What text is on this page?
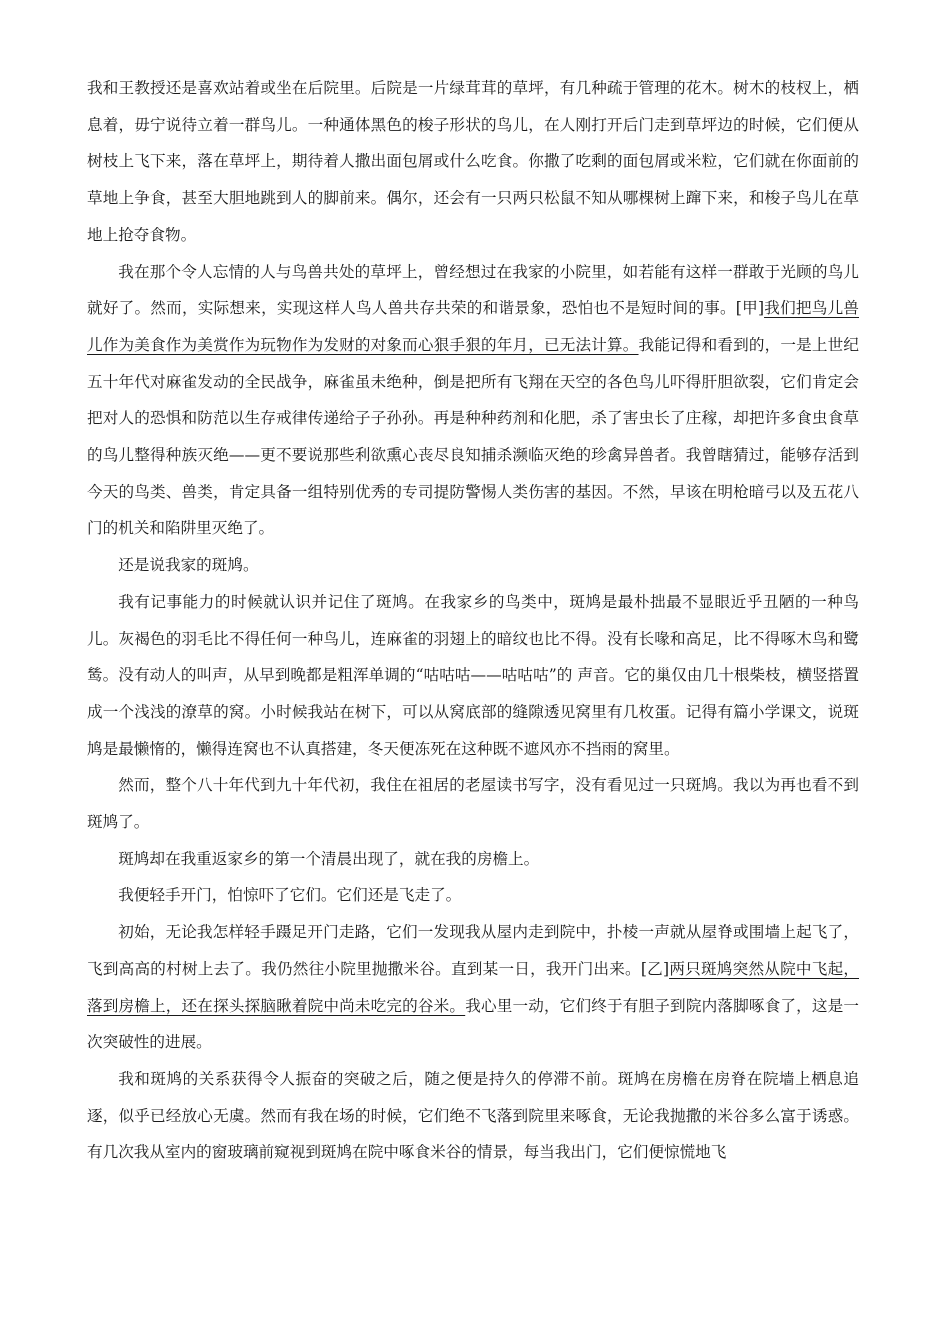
我和王教授还是喜欢站着或坐在后院里。后院是一片绿茸茸的草坪，有几种疏于管理的花木。树木的枝杈上，栖息着，毋宁说待立着一群鸟儿。一种通体黑色的梭子形状的鸟儿，在人刚打开后门走到草坪边的时候，它们便从树枝上飞下来，落在草坪上，期待着人撒出面包屑或什么吃食。你撒了吃剩的面包屑或米粒，它们就在你面前的草地上争食，甚至大胆地跳到人的脚前来。偶尔，还会有一只两只松鼠不知从哪棵树上蹿下来，和梭子鸟儿在草地上抢夺食物。

我在那个令人忘情的人与鸟兽共处的草坪上，曾经想过在我家的小院里，如若能有这样一群敢于光顾的鸟儿就好了。然而，实际想来，实现这样人鸟人兽共存共荣的和谐景象，恐怕也不是短时间的事。[甲]我们把鸟儿兽儿作为美食作为美赏作为玩物作为发财的对象而心狠手狠的年月，已无法计算。我能记得和看到的，一是上世纪五十年代对麻雀发动的全民战争，麻雀虽未绝种，倒是把所有飞翔在天空的各色鸟儿吓得肝胆欲裂，它们肯定会把对人的恐惧和防范以生存戒律传递给子子孙孙。再是种种药剂和化肥，杀了害虫长了庄稼，却把许多食虫食草的鸟儿整得种族灭绝——更不要说那些利欲熏心丧尽良知捕杀濒临灭绝的珍禽异兽者。我曾瞎猜过，能够存活到今天的鸟类、兽类，肯定具备一组特别优秀的专司提防警惕人类伤害的基因。不然，早该在明枪暗弓以及五花八门的机关和陷阱里灭绝了。

还是说我家的斑鸠。

我有记事能力的时候就认识并记住了斑鸠。在我家乡的鸟类中，斑鸠是最朴拙最不显眼近乎丑陋的一种鸟儿。灰褐色的羽毛比不得任何一种鸟儿，连麻雀的羽翅上的暗纹也比不得。没有长喙和高足，比不得啄木鸟和鹭鸶。没有动人的叫声，从早到晚都是粗浑单调的“咕咕咕——咕咕咕”的 声音。它的巢仅由几十根柴枝，横竖搭置成一个浅浅的潦草的窝。小时候我站在树下，可以从窝底部的缝隙透见窝里有几枚蛋。记得有篇小学课文，说斑鸠是最懒惰的，懒得连窝也不认真搭建，冬天便冻死在这种既不遮风亦不挡雨的窝里。

然而，整个八十年代到九十年代初，我住在祖居的老屋读书写字，没有看见过一只斑鸠。我以为再也看不到斑鸠了。

斑鸠却在我重返家乡的第一个清晨出现了，就在我的房檐上。

我便轻手开门，怕惊吓了它们。它们还是飞走了。

初始，无论我怎样轻手蹑足开门走路，它们一发现我从屋内走到院中，扑棱一声就从屋脊或围墙上起飞了，飞到高高的村树上去了。我仍然往小院里抛撒米谷。直到某一日，我开门出来。[乙]两只斑鸠突然从院中飞起，落到房檐上，还在探头探脑瞅着院中尚未吃完的谷米。我心里一动，它们终于有胆子到院内落脚啄食了，这是一次突破性的进展。

我和斑鸠的关系获得令人振奋的突破之后，随之便是持久的停滞不前。斑鸠在房檐在房脊在院墙上栖息追逐，似乎已经放心无虞。然而有我在场的时候，它们绝不飞落到院里来啄食，无论我抛撒的米谷多么富于诱惑。有几次我从室内的窗玻璃前窥视到斑鸠在院中啄食米谷的情景，每当我出门，它们便惊慌地飞
